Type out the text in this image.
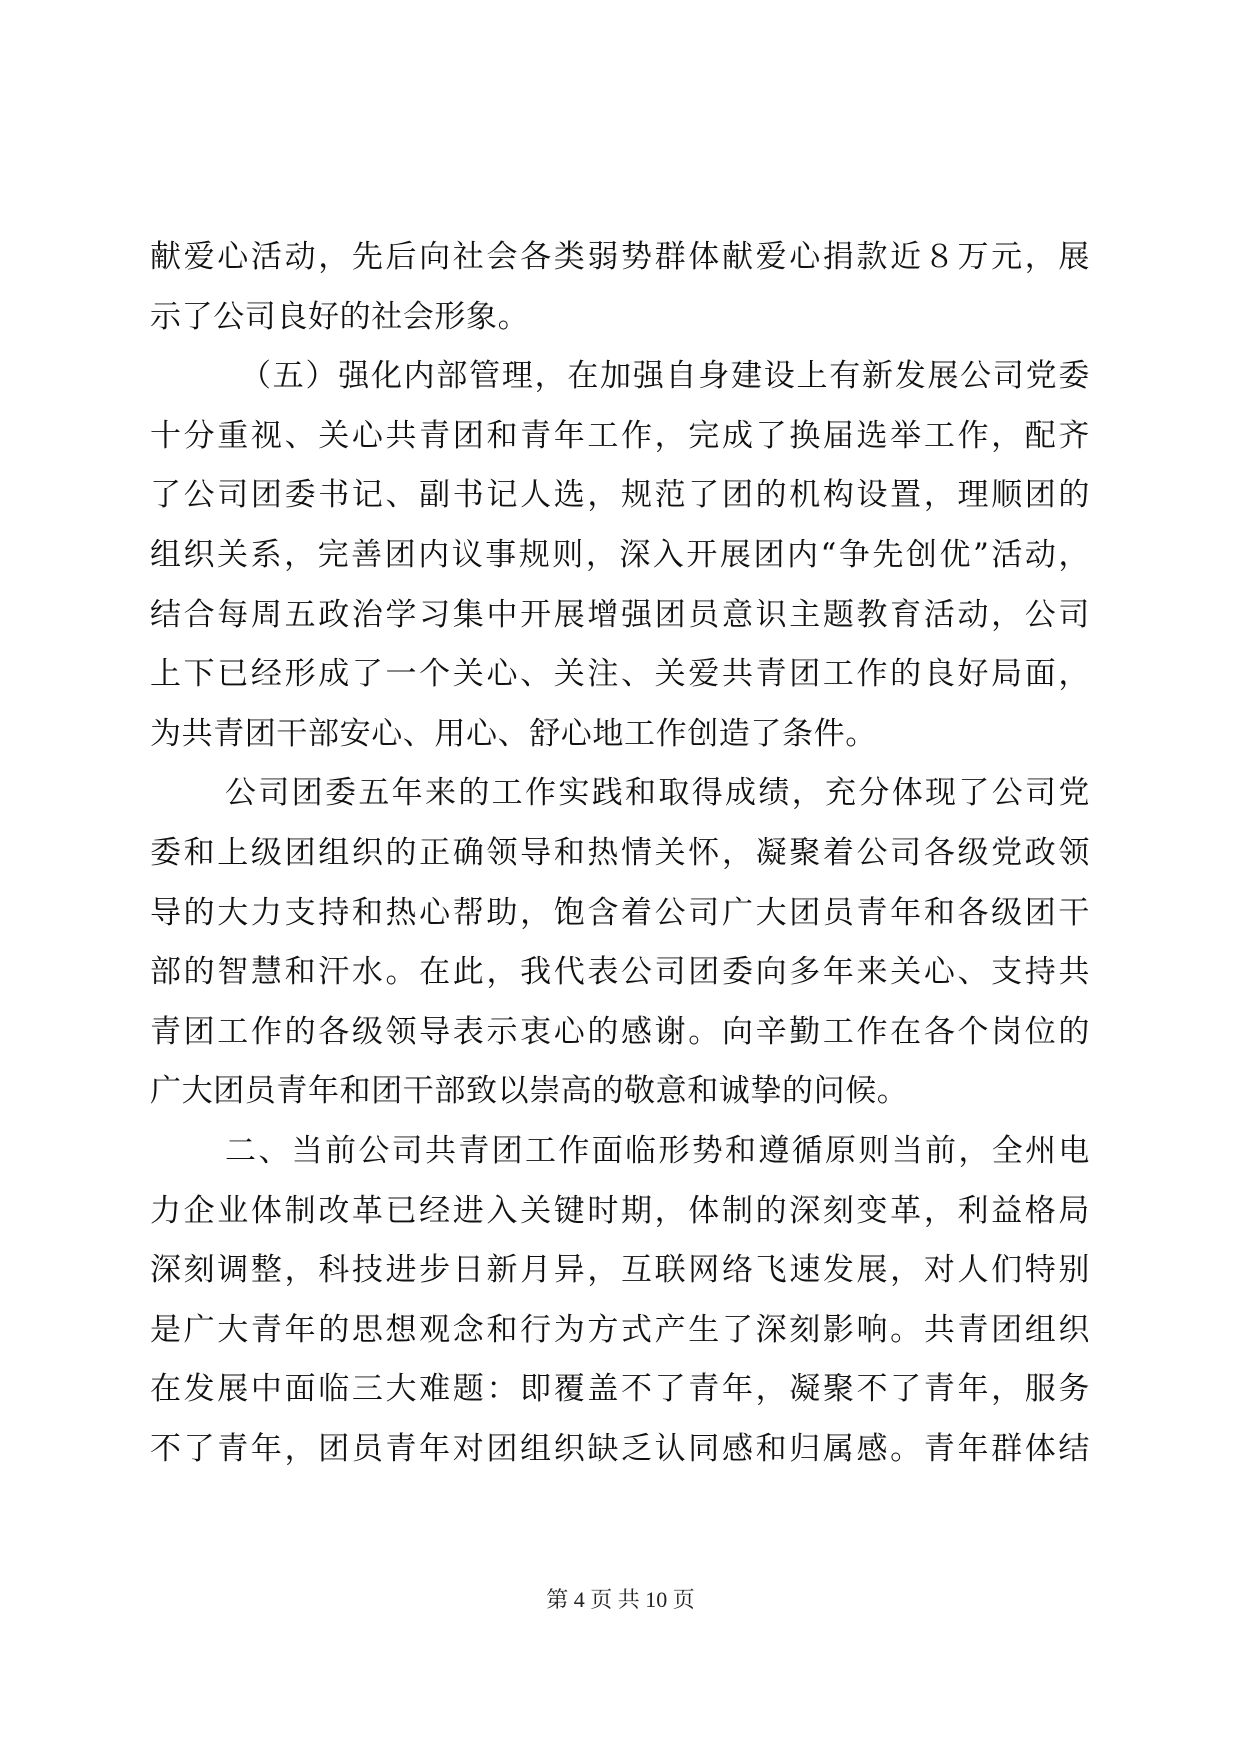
献爱心活动，先后向社会各类弱势群体献爱心捐款近８万元，展
示了公司良好的社会形象。
（五）强化内部管理，在加强自身建设上有新发展公司党委
十分重视、关心共青团和青年工作，完成了换届选举工作，配齐
了公司团委书记、副书记人选，规范了团的机构设置，理顺团的
组织关系，完善团内议事规则，深入开展团内“争先创优”活动，
结合每周五政治学习集中开展增强团员意识主题教育活动，公司
上下已经形成了一个关心、关注、关爱共青团工作的良好局面，
为共青团干部安心、用心、舒心地工作创造了条件。
公司团委五年来的工作实践和取得成绩，充分体现了公司党
委和上级团组织的正确领导和热情关怀，凝聚着公司各级党政领
导的大力支持和热心帮助，饱含着公司广大团员青年和各级团干
部的智慧和汗水。在此，我代表公司团委向多年来关心、支持共
青团工作的各级领导表示衷心的感谢。向辛勤工作在各个岗位的
广大团员青年和团干部致以崇高的敬意和诚挚的问候。
二、当前公司共青团工作面临形势和遵循原则当前，全州电
力企业体制改革已经进入关键时期，体制的深刻变革，利益格局
深刻调整，科技进步日新月异，互联网络飞速发展，对人们特别
是广大青年的思想观念和行为方式产生了深刻影响。共青团组织
在发展中面临三大难题：即覆盖不了青年，凝聚不了青年，服务
不了青年，团员青年对团组织缺乏认同感和归属感。青年群体结
第 4 页 共 10 页
